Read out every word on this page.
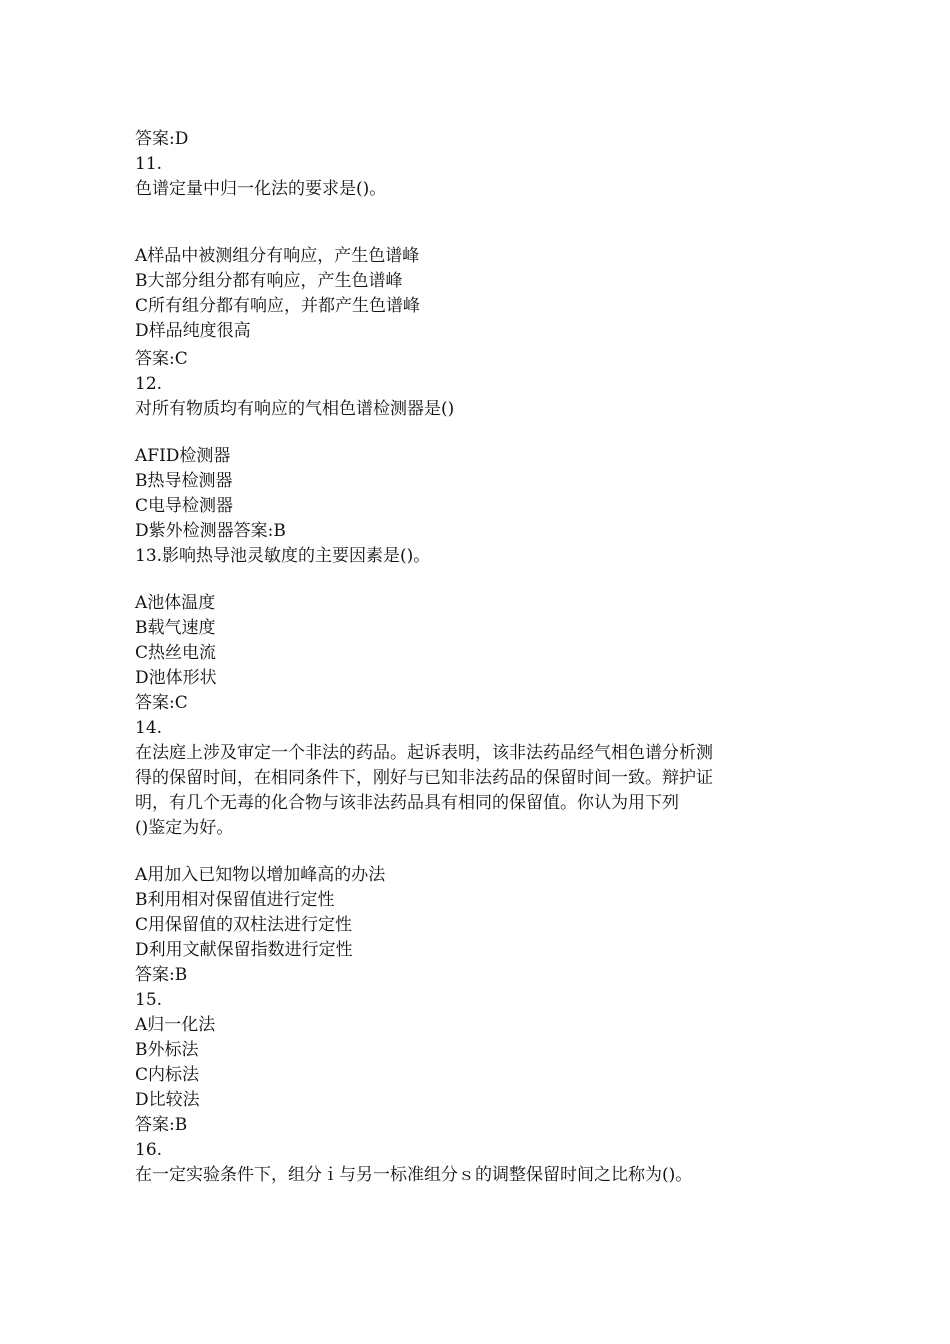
答案:D
11.
色谱定量中归一化法的要求是()。
A样品中被测组分有响应，产生色谱峰
B大部分组分都有响应，产生色谱峰
C所有组分都有响应，并都产生色谱峰
D样品纯度很高
答案:C
12.
对所有物质均有响应的气相色谱检测器是()
AFID检测器
B热导检测器
C电导检测器
D紫外检测器答案:B
13.影响热导池灵敏度的主要因素是()。
A池体温度
B载气速度
C热丝电流
D池体形状
答案:C
14.
在法庭上涉及审定一个非法的药品。起诉表明，该非法药品经气相色谱分析测
得的保留时间，在相同条件下，刚好与已知非法药品的保留时间一致。辩护证
明，有几个无毒的化合物与该非法药品具有相同的保留值。你认为用下列
()鉴定为好。
A用加入已知物以增加峰高的办法
B利用相对保留值进行定性
C用保留值的双柱法进行定性
D利用文献保留指数进行定性
答案:B
15.
A归一化法
B外标法
C内标法
D比较法
答案:B
16.
在一定实验条件下，组分ｉ与另一标准组分ｓ的调整保留时间之比称为()。
